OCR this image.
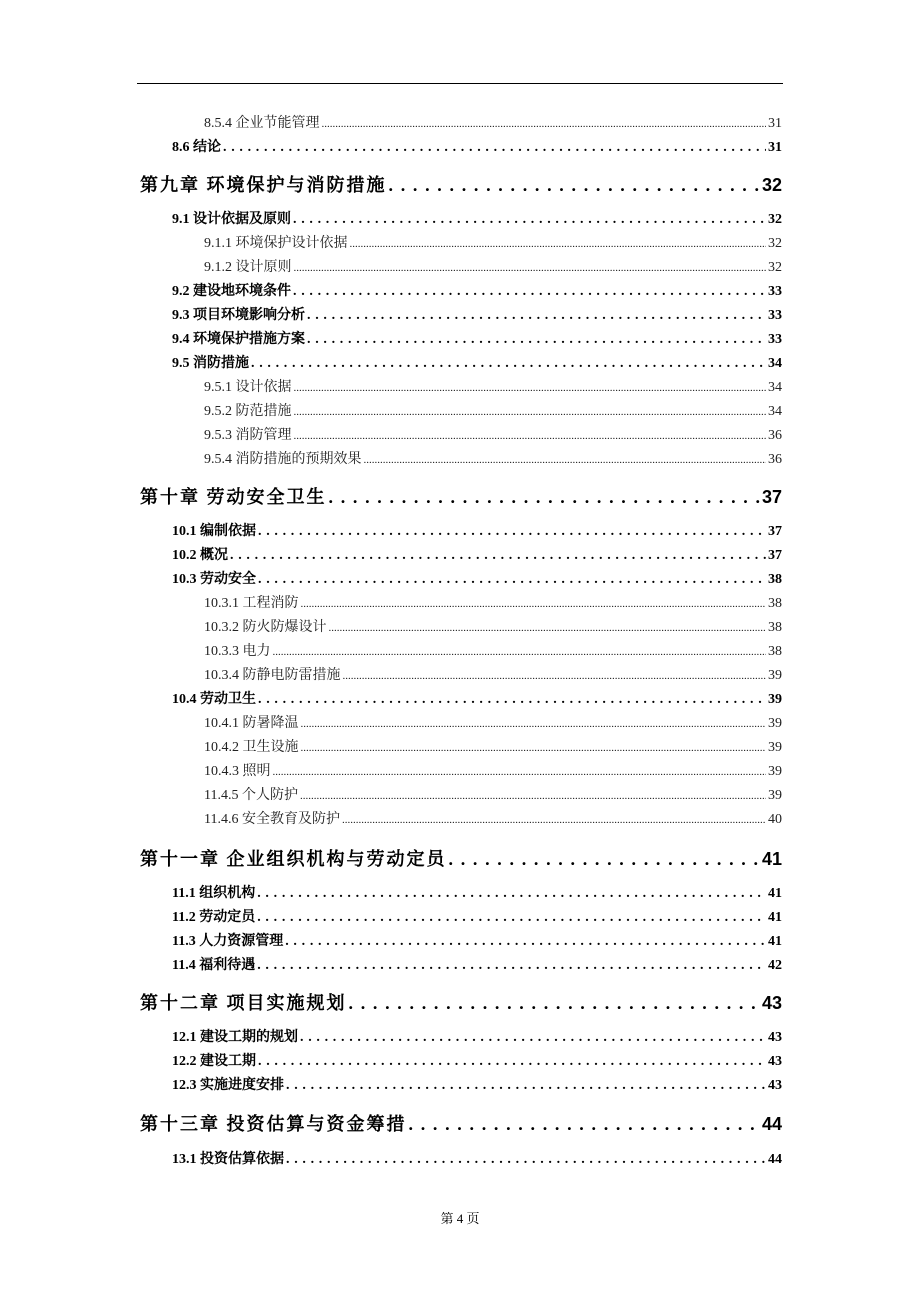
8.5.4 企业节能管理 .....	31
8.6 结论 . . .	31
第九章 环境保护与消防措施 . . .	32
9.1 设计依据及原则 . . .	32
9.1.1 环境保护设计依据 .....	32
9.1.2 设计原则 .....	32
9.2 建设地环境条件 . . .	33
9.3 项目环境影响分析 . . .	33
9.4 环境保护措施方案 . . .	33
9.5 消防措施 . . .	34
9.5.1 设计依据 .....	34
9.5.2 防范措施 .....	34
9.5.3 消防管理 .....	36
9.5.4 消防措施的预期效果 .....	36
第十章 劳动安全卫生 . . .	37
10.1 编制依据 . . .	37
10.2 概况 . . .	37
10.3 劳动安全 . . .	38
10.3.1 工程消防 .....	38
10.3.2 防火防爆设计 .....	38
10.3.3 电力 .....	38
10.3.4 防静电防雷措施 .....	39
10.4 劳动卫生 . . .	39
10.4.1 防暑降温 .....	39
10.4.2 卫生设施 .....	39
10.4.3 照明 .....	39
11.4.5 个人防护 .....	39
11.4.6 安全教育及防护 .....	40
第十一章 企业组织机构与劳动定员 . . .	41
11.1 组织机构 . . .	41
11.2 劳动定员 . . .	41
11.3 人力资源管理 . . .	41
11.4 福利待遇 . . .	42
第十二章 项目实施规划 . . .	43
12.1 建设工期的规划 . . .	43
12.2 建设工期 . . .	43
12.3 实施进度安排 . . .	43
第十三章 投资估算与资金筹措 . . .	44
13.1 投资估算依据 . . .	44
第 4 页
